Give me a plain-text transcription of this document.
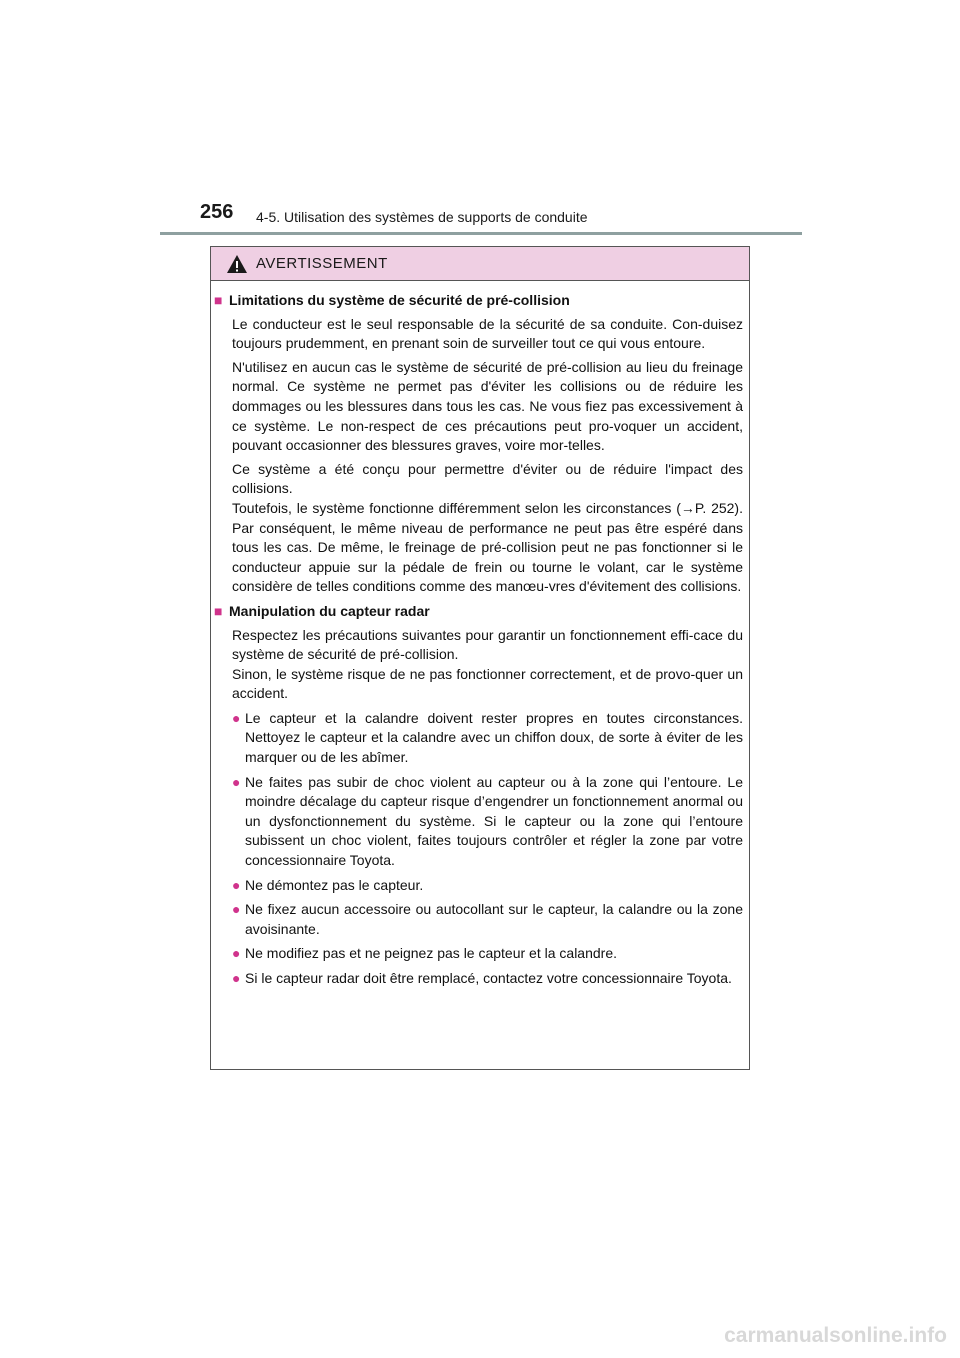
256 4-5. Utilisation des systèmes de supports de conduite
AVERTISSEMENT
■ Limitations du système de sécurité de pré-collision
Le conducteur est le seul responsable de la sécurité de sa conduite. Con-duisez toujours prudemment, en prenant soin de surveiller tout ce qui vous entoure.
N'utilisez en aucun cas le système de sécurité de pré-collision au lieu du freinage normal. Ce système ne permet pas d'éviter les collisions ou de réduire les dommages ou les blessures dans tous les cas. Ne vous fiez pas excessivement à ce système. Le non-respect de ces précautions peut pro-voquer un accident, pouvant occasionner des blessures graves, voire mor-telles.
Ce système a été conçu pour permettre d'éviter ou de réduire l'impact des collisions.
Toutefois, le système fonctionne différemment selon les circonstances (→P. 252). Par conséquent, le même niveau de performance ne peut pas être espéré dans tous les cas. De même, le freinage de pré-collision peut ne pas fonctionner si le conducteur appuie sur la pédale de frein ou tourne le volant, car le système considère de telles conditions comme des manœu-vres d'évitement des collisions.
■ Manipulation du capteur radar
Respectez les précautions suivantes pour garantir un fonctionnement effi-cace du système de sécurité de pré-collision.
Sinon, le système risque de ne pas fonctionner correctement, et de provo-quer un accident.
● Le capteur et la calandre doivent rester propres en toutes circonstances. Nettoyez le capteur et la calandre avec un chiffon doux, de sorte à éviter de les marquer ou de les abîmer.
● Ne faites pas subir de choc violent au capteur ou à la zone qui l’entoure. Le moindre décalage du capteur risque d’engendrer un fonctionnement anormal ou un dysfonctionnement du système. Si le capteur ou la zone qui l’entoure subissent un choc violent, faites toujours contrôler et régler la zone par votre concessionnaire Toyota.
● Ne démontez pas le capteur.
● Ne fixez aucun accessoire ou autocollant sur le capteur, la calandre ou la zone avoisinante.
● Ne modifiez pas et ne peignez pas le capteur et la calandre.
● Si le capteur radar doit être remplacé, contactez votre concessionnaire Toyota.
carmanualsonline.info
